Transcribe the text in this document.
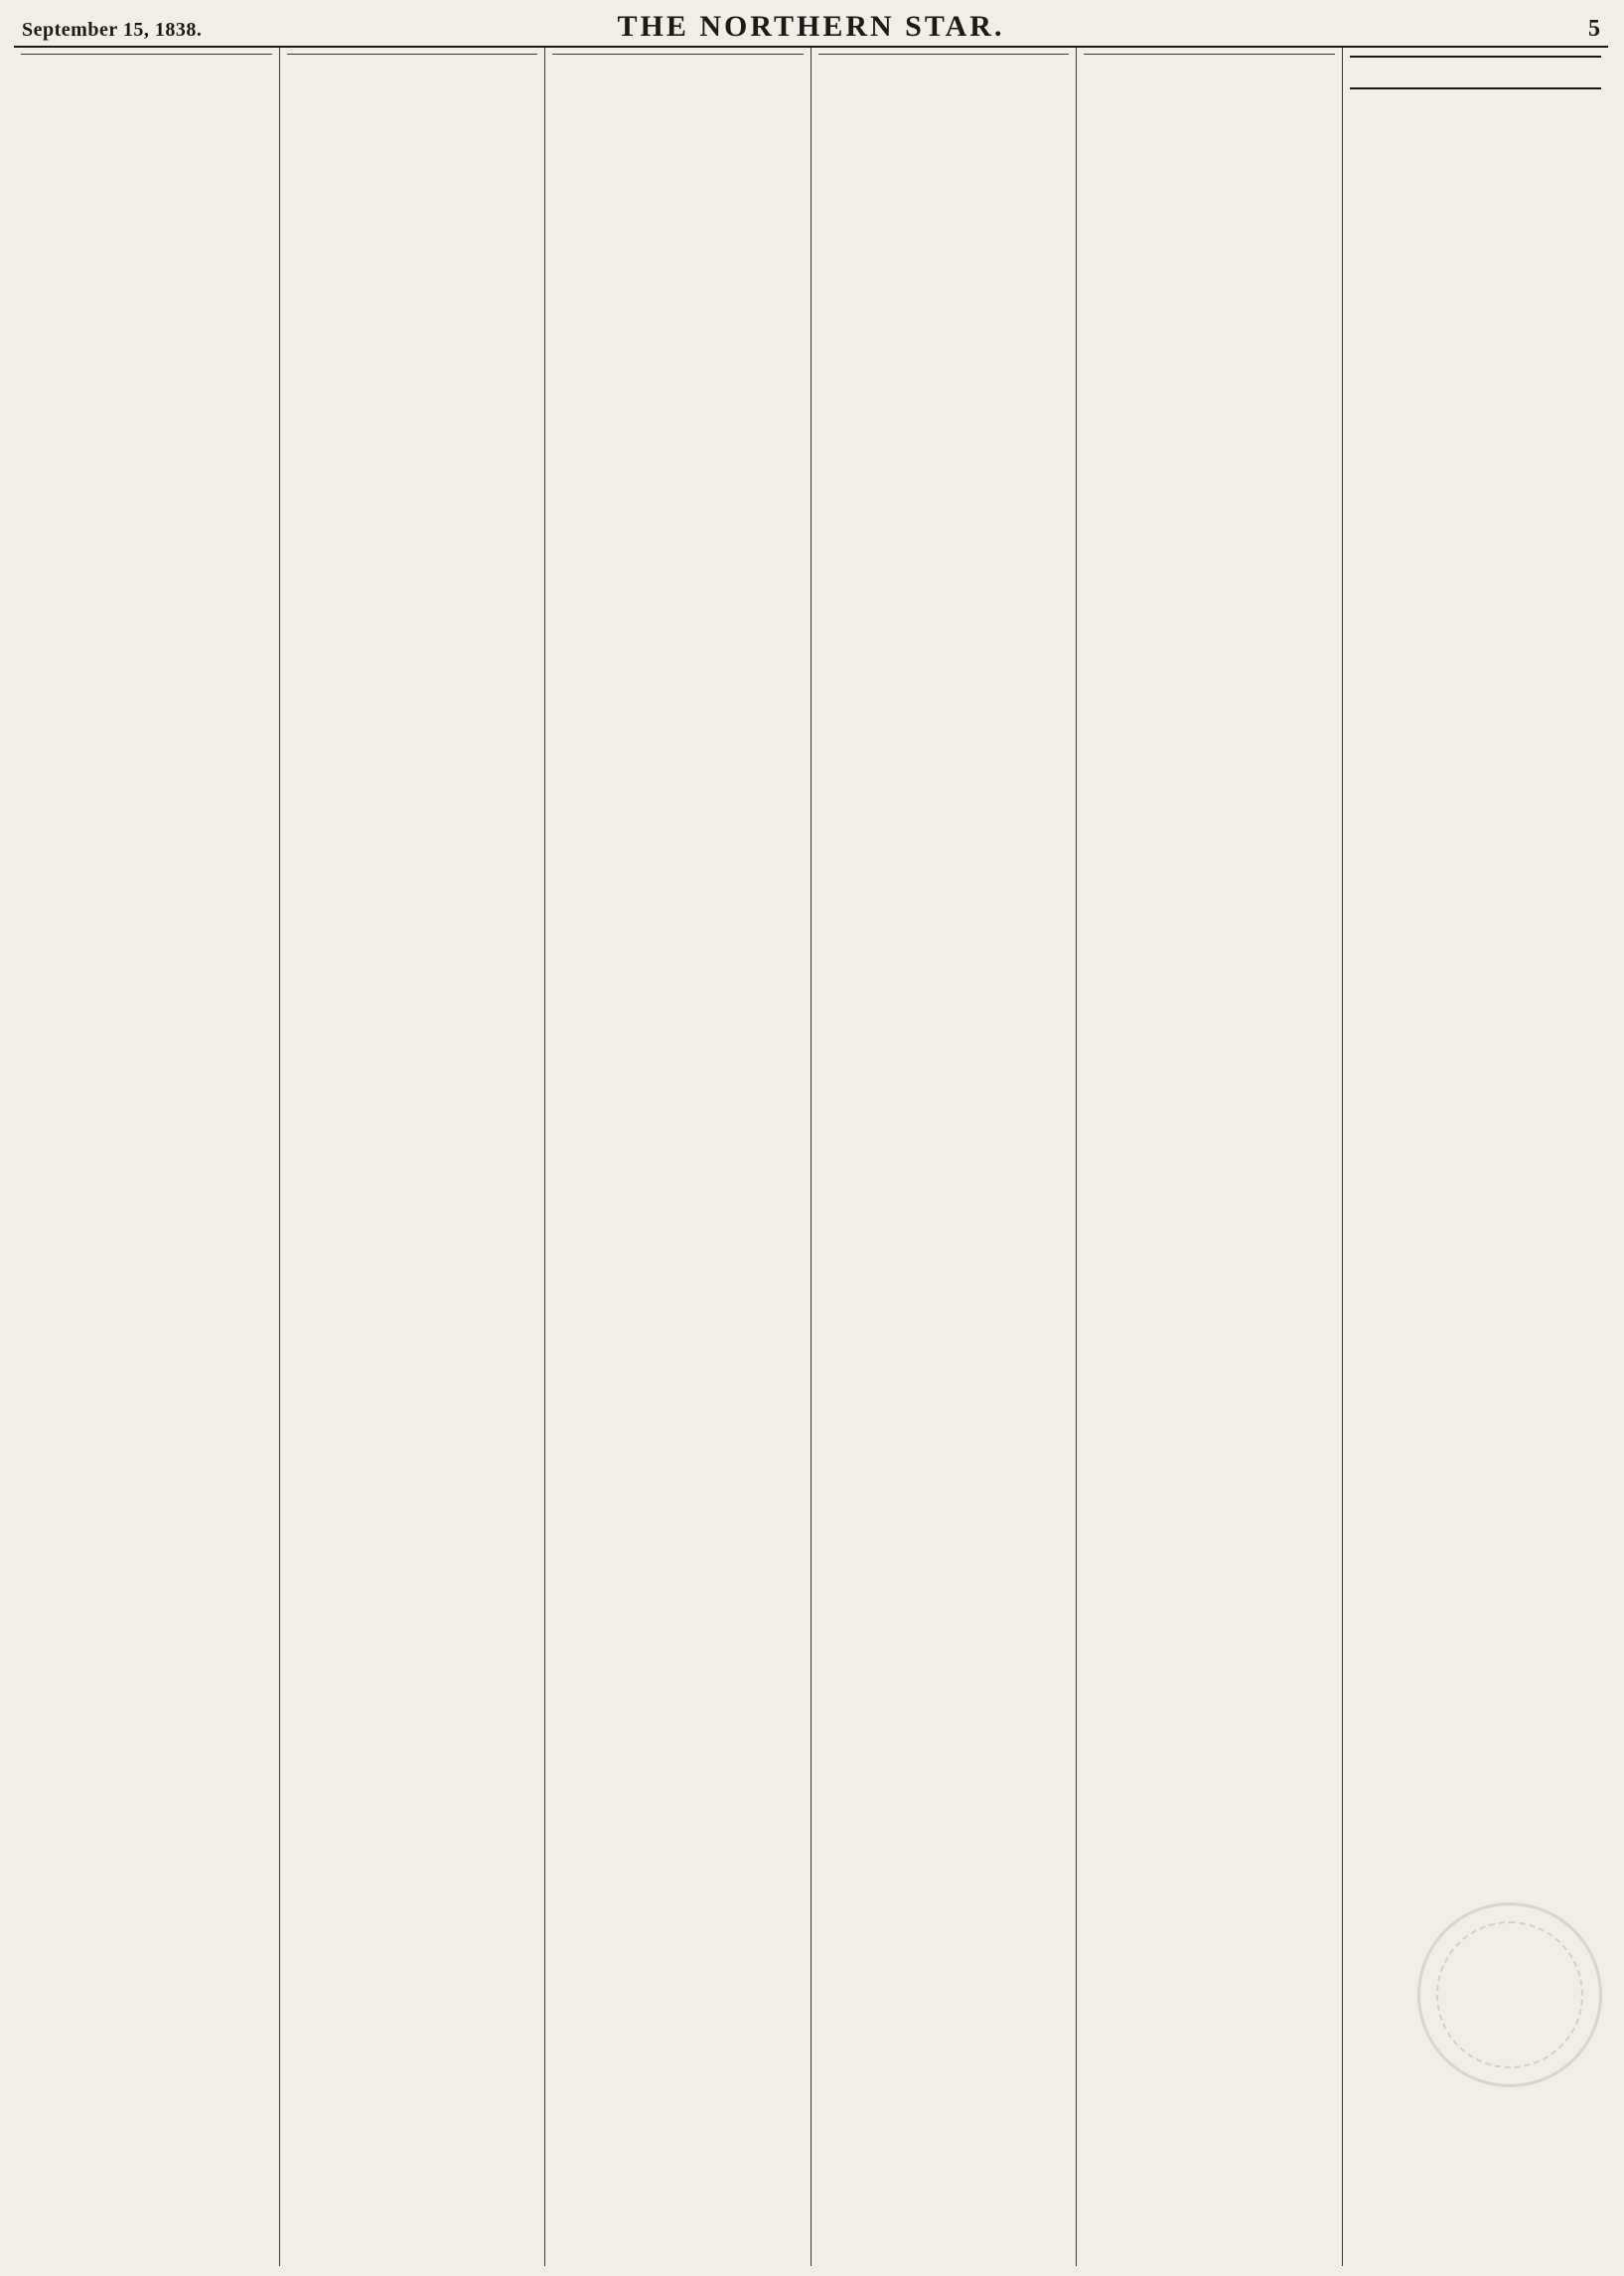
September 15, 1838.	THE NORTHERN STAR.	5
